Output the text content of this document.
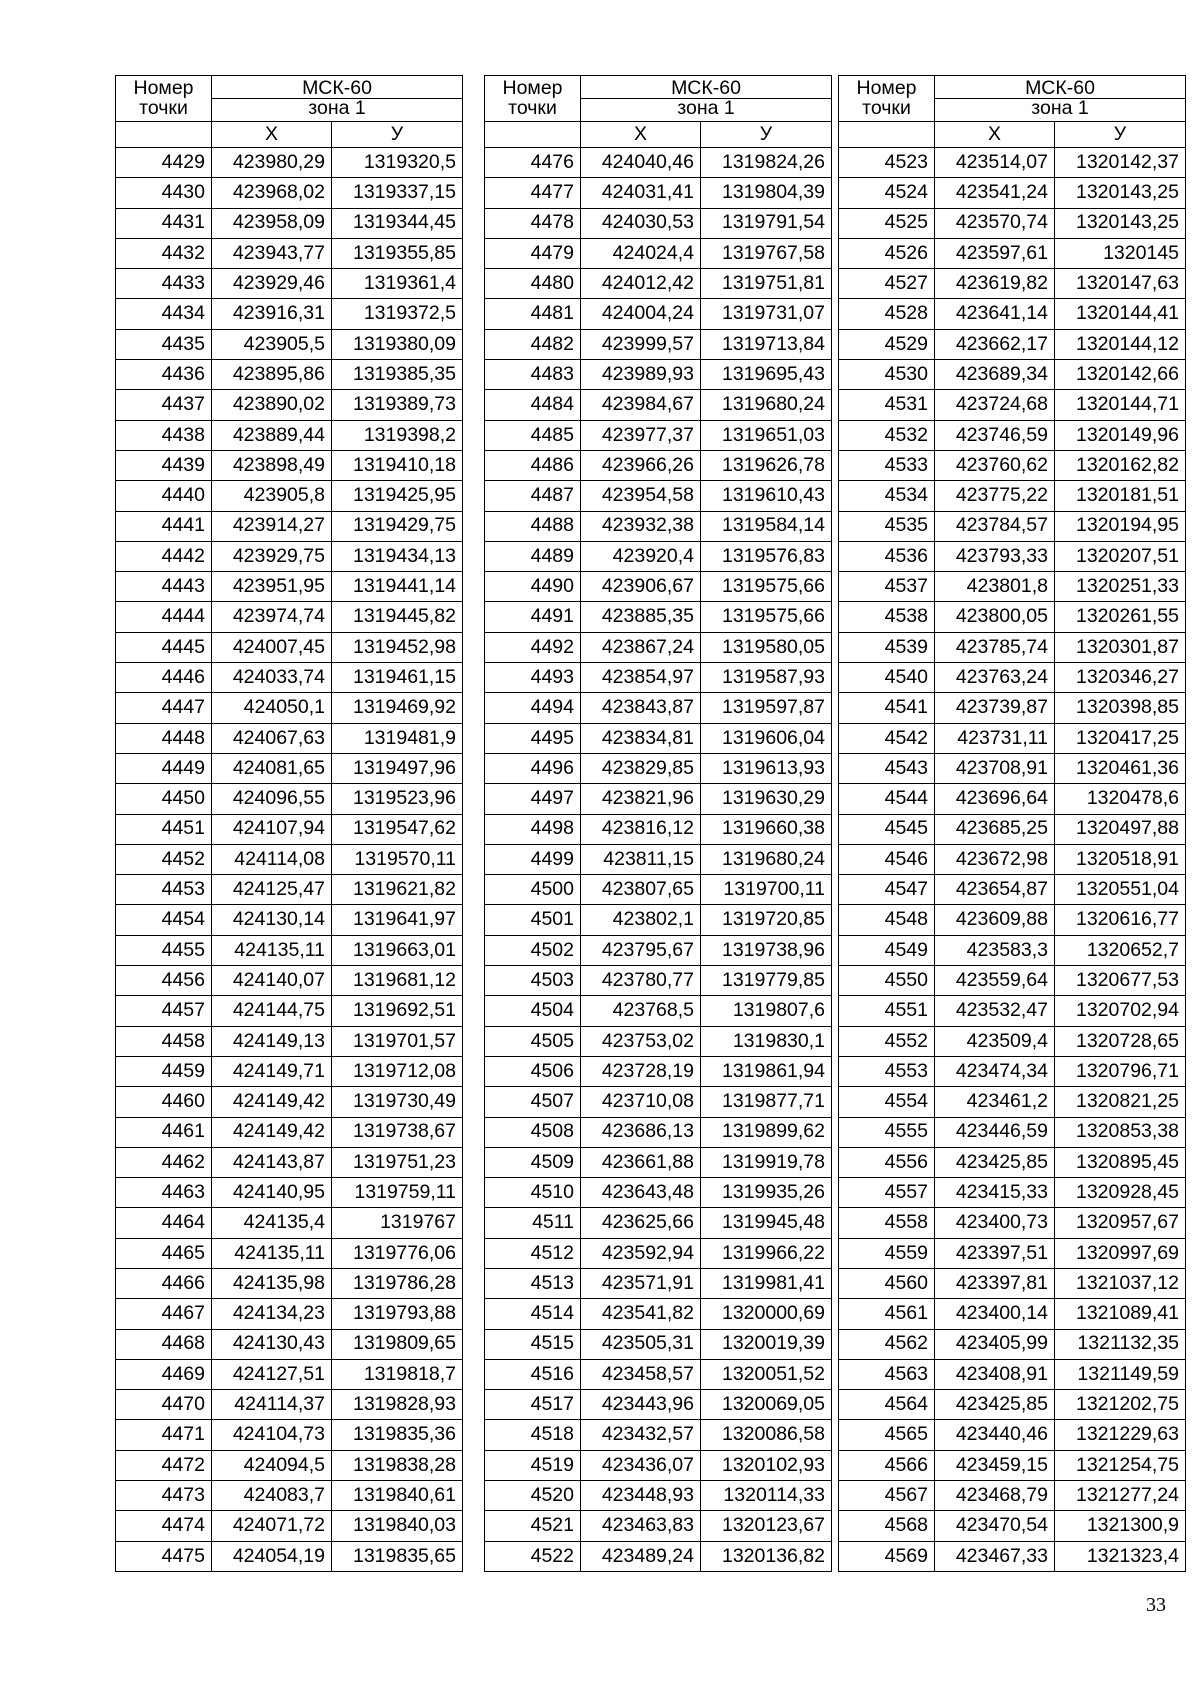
Номер
точки	МСК-60	
	зона 1	
	X	У
4429	423980,29	1319320,5
4430	423968,02	1319337,15
4431	423958,09	1319344,45
4432	423943,77	1319355,85
4433	423929,46	1319361,4
4434	423916,31	1319372,5
4435	423905,5	1319380,09
4436	423895,86	1319385,35
4437	423890,02	1319389,73
4438	423889,44	1319398,2
4439	423898,49	1319410,18
4440	423905,8	1319425,95
4441	423914,27	1319429,75
4442	423929,75	1319434,13
4443	423951,95	1319441,14
4444	423974,74	1319445,82
4445	424007,45	1319452,98
4446	424033,74	1319461,15
4447	424050,1	1319469,92
4448	424067,63	1319481,9
4449	424081,65	1319497,96
4450	424096,55	1319523,96
4451	424107,94	1319547,62
4452	424114,08	1319570,11
4453	424125,47	1319621,82
4454	424130,14	1319641,97
4455	424135,11	1319663,01
4456	424140,07	1319681,12
4457	424144,75	1319692,51
4458	424149,13	1319701,57
4459	424149,71	1319712,08
4460	424149,42	1319730,49
4461	424149,42	1319738,67
4462	424143,87	1319751,23
4463	424140,95	1319759,11
4464	424135,4	1319767
4465	424135,11	1319776,06
4466	424135,98	1319786,28
4467	424134,23	1319793,88
4468	424130,43	1319809,65
4469	424127,51	1319818,7
4470	424114,37	1319828,93
4471	424104,73	1319835,36
4472	424094,5	1319838,28
4473	424083,7	1319840,61
4474	424071,72	1319840,03
4475	424054,19	1319835,65
Номер
точки	МСК-60	
	зона 1	
	X	У
4476	424040,46	1319824,26
4477	424031,41	1319804,39
4478	424030,53	1319791,54
4479	424024,4	1319767,58
4480	424012,42	1319751,81
4481	424004,24	1319731,07
4482	423999,57	1319713,84
4483	423989,93	1319695,43
4484	423984,67	1319680,24
4485	423977,37	1319651,03
4486	423966,26	1319626,78
4487	423954,58	1319610,43
4488	423932,38	1319584,14
4489	423920,4	1319576,83
4490	423906,67	1319575,66
4491	423885,35	1319575,66
4492	423867,24	1319580,05
4493	423854,97	1319587,93
4494	423843,87	1319597,87
4495	423834,81	1319606,04
4496	423829,85	1319613,93
4497	423821,96	1319630,29
4498	423816,12	1319660,38
4499	423811,15	1319680,24
4500	423807,65	1319700,11
4501	423802,1	1319720,85
4502	423795,67	1319738,96
4503	423780,77	1319779,85
4504	423768,5	1319807,6
4505	423753,02	1319830,1
4506	423728,19	1319861,94
4507	423710,08	1319877,71
4508	423686,13	1319899,62
4509	423661,88	1319919,78
4510	423643,48	1319935,26
4511	423625,66	1319945,48
4512	423592,94	1319966,22
4513	423571,91	1319981,41
4514	423541,82	1320000,69
4515	423505,31	1320019,39
4516	423458,57	1320051,52
4517	423443,96	1320069,05
4518	423432,57	1320086,58
4519	423436,07	1320102,93
4520	423448,93	1320114,33
4521	423463,83	1320123,67
4522	423489,24	1320136,82
Номер
точки	МСК-60	
	зона 1	
	X	У
4523	423514,07	1320142,37
4524	423541,24	1320143,25
4525	423570,74	1320143,25
4526	423597,61	1320145
4527	423619,82	1320147,63
4528	423641,14	1320144,41
4529	423662,17	1320144,12
4530	423689,34	1320142,66
4531	423724,68	1320144,71
4532	423746,59	1320149,96
4533	423760,62	1320162,82
4534	423775,22	1320181,51
4535	423784,57	1320194,95
4536	423793,33	1320207,51
4537	423801,8	1320251,33
4538	423800,05	1320261,55
4539	423785,74	1320301,87
4540	423763,24	1320346,27
4541	423739,87	1320398,85
4542	423731,11	1320417,25
4543	423708,91	1320461,36
4544	423696,64	1320478,6
4545	423685,25	1320497,88
4546	423672,98	1320518,91
4547	423654,87	1320551,04
4548	423609,88	1320616,77
4549	423583,3	1320652,7
4550	423559,64	1320677,53
4551	423532,47	1320702,94
4552	423509,4	1320728,65
4553	423474,34	1320796,71
4554	423461,2	1320821,25
4555	423446,59	1320853,38
4556	423425,85	1320895,45
4557	423415,33	1320928,45
4558	423400,73	1320957,67
4559	423397,51	1320997,69
4560	423397,81	1321037,12
4561	423400,14	1321089,41
4562	423405,99	1321132,35
4563	423408,91	1321149,59
4564	423425,85	1321202,75
4565	423440,46	1321229,63
4566	423459,15	1321254,75
4567	423468,79	1321277,24
4568	423470,54	1321300,9
4569	423467,33	1321323,4
33
